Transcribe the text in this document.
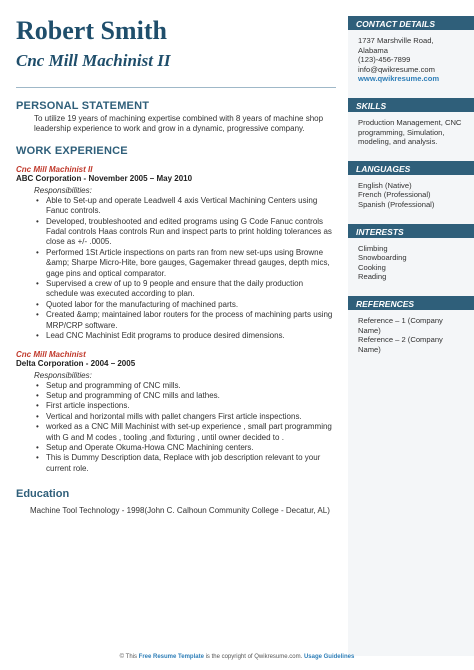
Robert Smith
Cnc Mill Machinist II
PERSONAL STATEMENT
To utilize 19 years of machining expertise combined with 8 years of machine shop leadership experience to work and grow in a dynamic, progressive company.
WORK EXPERIENCE
Cnc Mill Machinist II
ABC Corporation - November 2005 – May 2010
Responsibilities:
• Able to Set-up and operate Leadwell 4 axis Vertical Machining Centers using Fanuc controls.
• Developed, troubleshooted and edited programs using G Code Fanuc controls Fadal controls Haas controls Run and inspect parts to print holding tolerances as close as +/- .0005.
• Performed 1St Article inspections on parts ran from new set-ups using Browne &amp; Sharpe Micro-Hite, bore gauges, Gagemaker thread gauges, depth mics, gage pins and optical comparator.
• Supervised a crew of up to 9 people and ensure that the daily production schedule was executed according to plan.
• Quoted labor for the manufacturing of machined parts.
• Created &amp; maintained labor routers for the process of machining parts using MRP/CRP software.
• Lead CNC Machinist Edit programs to produce desired dimensions.
Cnc Mill Machinist
Delta Corporation - 2004 – 2005
Responsibilities:
• Setup and programming of CNC mills.
• Setup and programming of CNC mills and lathes.
• First article inspections.
• Vertical and horizontal mills with pallet changers First article inspections.
• worked as a CNC Mill Machinist with set-up experience , small part programming with G and M codes , tooling ,and fixturing , until owner decided to .
• Setup and Operate Okuma-Howa CNC Machining centers.
• This is Dummy Description data, Replace with job description relevant to your current role.
Education
Machine Tool Technology - 1998(John C. Calhoun Community College - Decatur, AL)
CONTACT DETAILS
1737 Marshville Road,
Alabama
(123)-456-7899
info@qwikresume.com
www.qwikresume.com
SKILLS
Production Management, CNC programming, Simulation, modeling, and analysis.
LANGUAGES
English (Native)
French (Professional)
Spanish (Professional)
INTERESTS
Climbing
Snowboarding
Cooking
Reading
REFERENCES
Reference – 1 (Company Name)
Reference – 2 (Company Name)
© This Free Resume Template is the copyright of Qwikresume.com. Usage Guidelines
